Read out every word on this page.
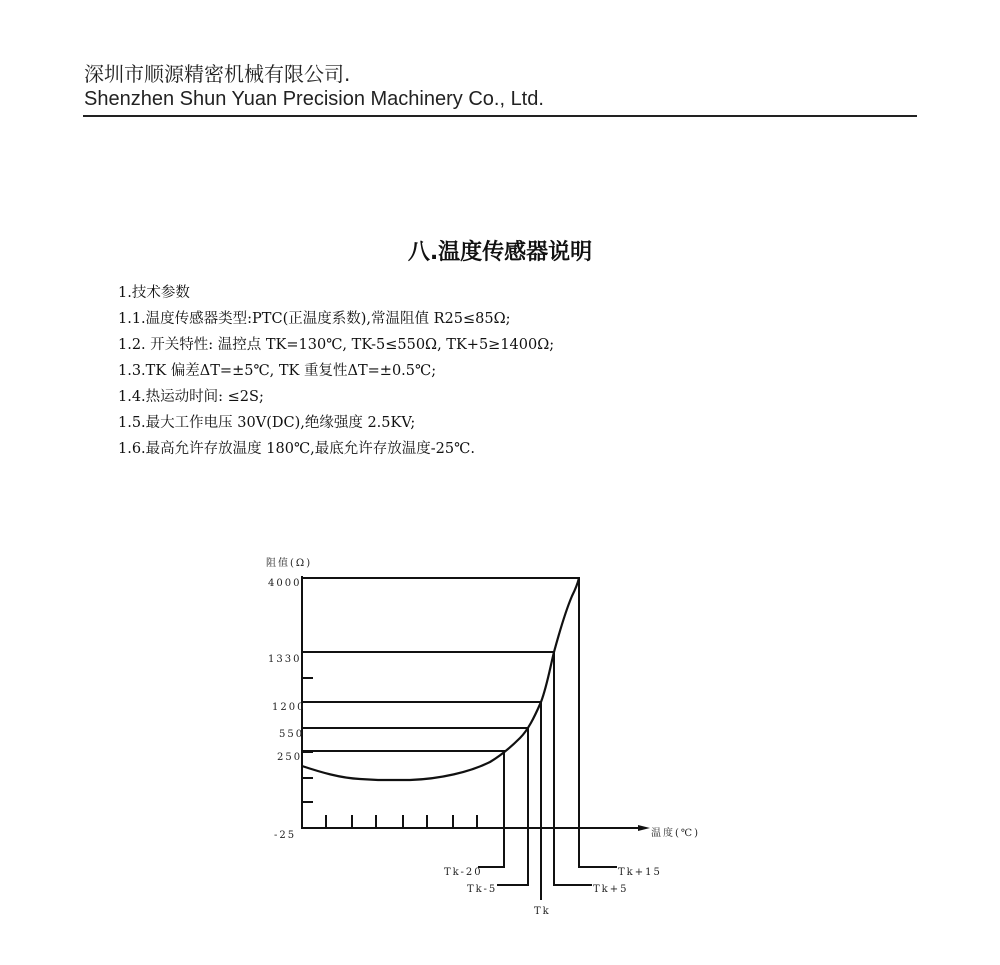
深圳市顺源精密机械有限公司.
Shenzhen Shun Yuan Precision Machinery Co., Ltd.
八.温度传感器说明
1.技术参数
1.1.温度传感器类型:PTC(正温度系数),常温阻值 R25≤85Ω;
1.2. 开关特性: 温控点 TK=130℃, TK-5≤550Ω, TK+5≥1400Ω;
1.3.TK 偏差ΔT=±5℃, TK 重复性ΔT=±0.5℃;
1.4.热运动时间: ≤2S;
1.5.最大工作电压 30V(DC),绝缘强度 2.5KV;
1.6.最高允许存放温度 180℃,最底允许存放温度-25℃.
阻值(Ω)
4000
1330
1200
550
250
-25	温度(℃)
Tk-20
Tk-5
Tk
Tk+5
Tk+15
